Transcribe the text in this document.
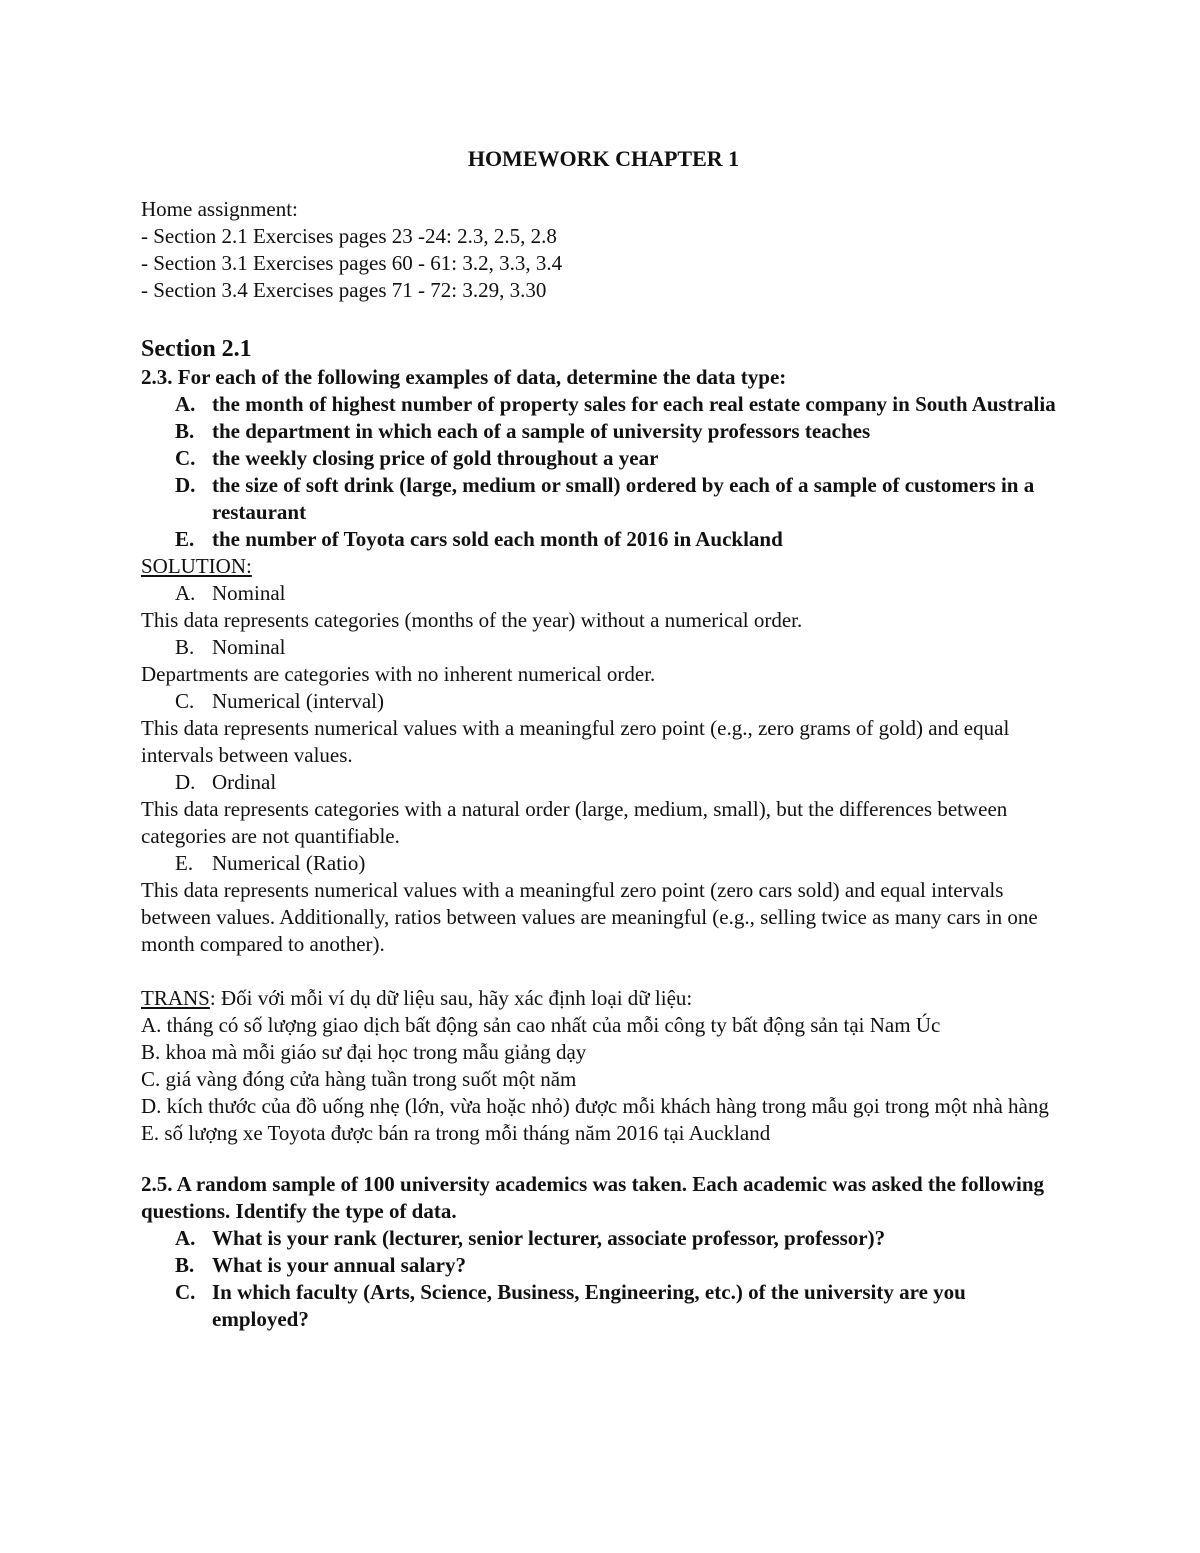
HOMEWORK CHAPTER 1

Home assignment:

- Section 2.1 Exercises pages 23 -24: 2.3, 2.5, 2.8

- Section 3.1 Exercises pages 60 - 61: 3.2, 3.3, 3.4

- Section 3.4 Exercises pages 71 - 72: 3.29, 3.30

Section 2.1

2.3. For each of the following examples of data, determine the data type:

A. the month of highest number of property sales for each real estate company in South Australia
B. the department in which each of a sample of university professors teaches
C. the weekly closing price of gold throughout a year
D. the size of soft drink (large, medium or small) ordered by each of a sample of customers in a restaurant
E. the number of Toyota cars sold each month of 2016 in Auckland

SOLUTION:

A. Nominal

This data represents categories (months of the year) without a numerical order.

B. Nominal

Departments are categories with no inherent numerical order.

C. Numerical (interval)

This data represents numerical values with a meaningful zero point (e.g., zero grams of gold) and equal intervals between values.

D. Ordinal

This data represents categories with a natural order (large, medium, small), but the differences between categories are not quantifiable.

E. Numerical (Ratio)

This data represents numerical values with a meaningful zero point (zero cars sold) and equal intervals between values. Additionally, ratios between values are meaningful (e.g., selling twice as many cars in one month compared to another).

TRANS: Đối với mỗi ví dụ dữ liệu sau, hãy xác định loại dữ liệu:

A. tháng có số lượng giao dịch bất động sản cao nhất của mỗi công ty bất động sản tại Nam Úc

B. khoa mà mỗi giáo sư đại học trong mẫu giảng dạy

C. giá vàng đóng cửa hàng tuần trong suốt một năm

D. kích thước của đồ uống nhẹ (lớn, vừa hoặc nhỏ) được mỗi khách hàng trong mẫu gọi trong một nhà hàng

E. số lượng xe Toyota được bán ra trong mỗi tháng năm 2016 tại Auckland

2.5. A random sample of 100 university academics was taken. Each academic was asked the following questions. Identify the type of data.

A. What is your rank (lecturer, senior lecturer, associate professor, professor)?
B. What is your annual salary?
C. In which faculty (Arts, Science, Business, Engineering, etc.) of the university are you employed?
